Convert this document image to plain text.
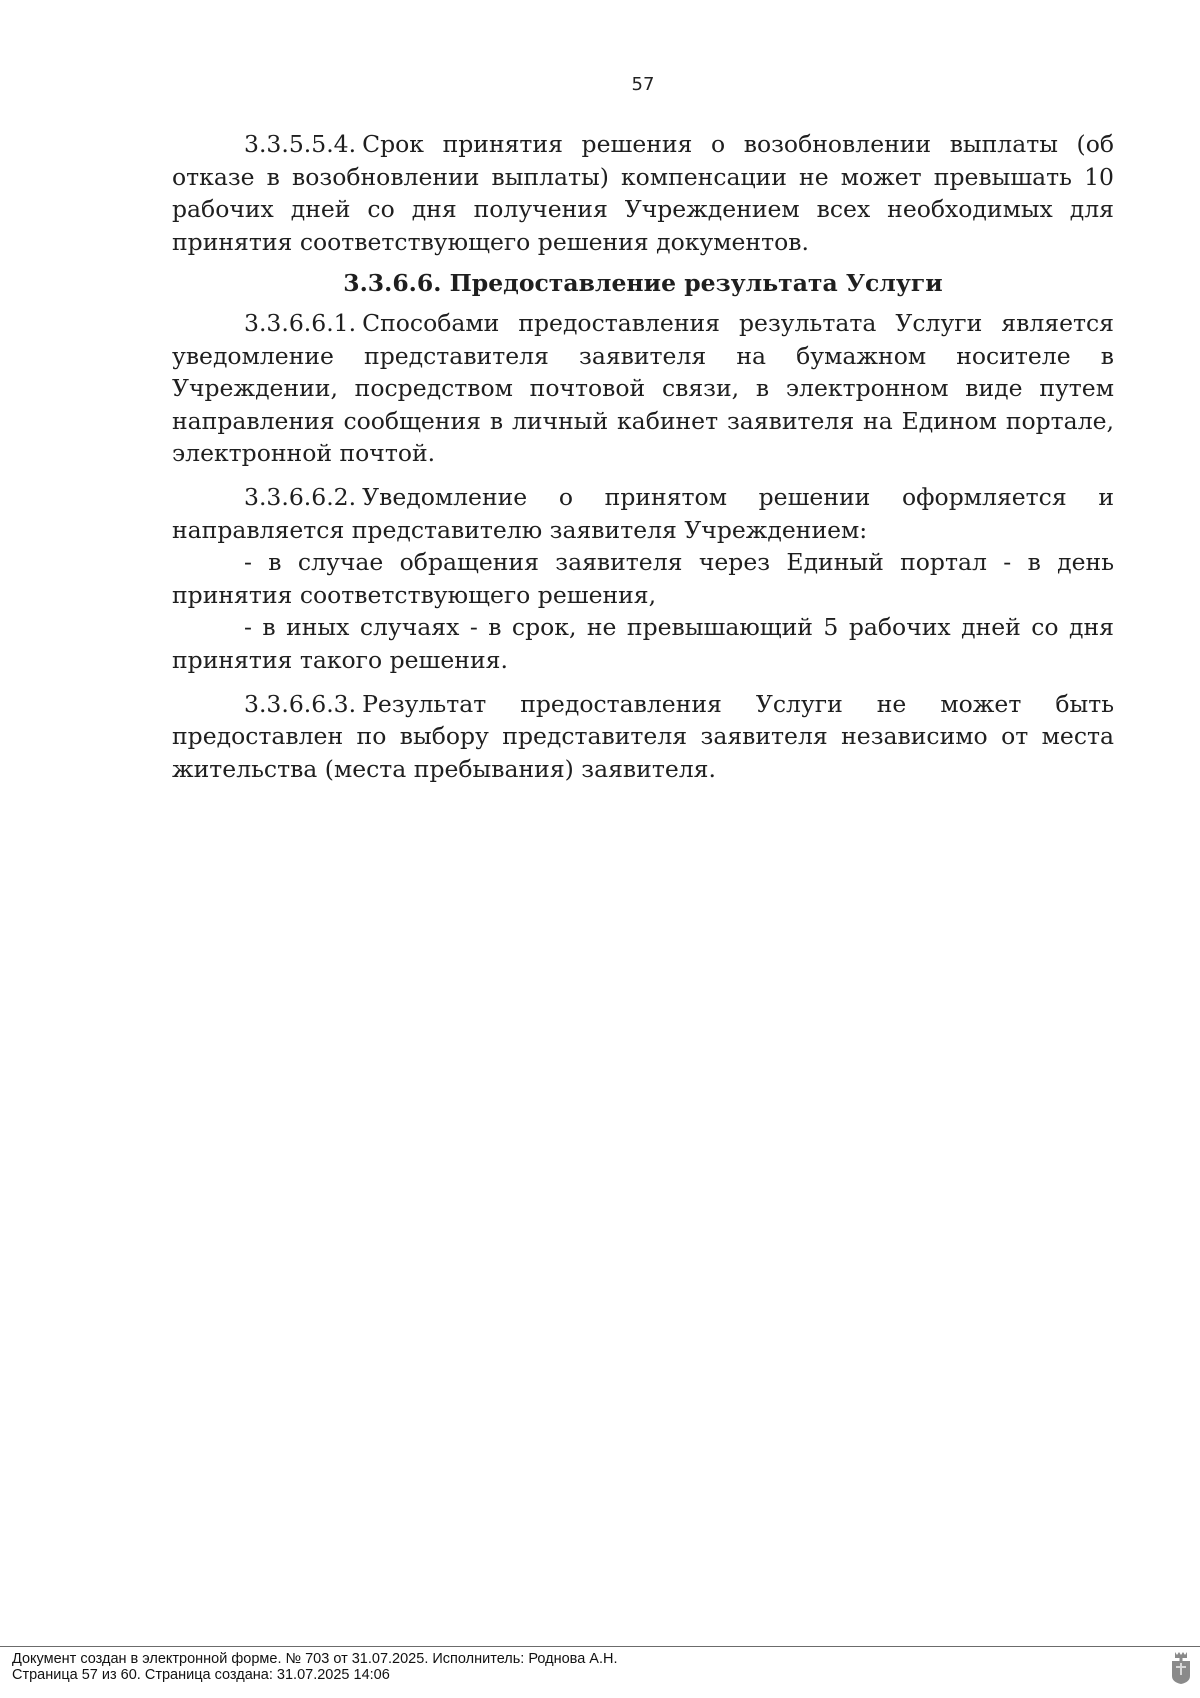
57

3.3.5.5.4. Срок принятия решения о возобновлении выплаты (об отказе в возобновлении выплаты) компенсации не может превышать 10 рабочих дней со дня получения Учреждением всех необходимых для принятия соответствующего решения документов.

3.3.6.6. Предоставление результата Услуги

3.3.6.6.1. Способами предоставления результата Услуги является уведомление представителя заявителя на бумажном носителе в Учреждении, посредством почтовой связи, в электронном виде путем направления сообщения в личный кабинет заявителя на Едином портале, электронной почтой.

3.3.6.6.2. Уведомление о принятом решении оформляется и направляется представителю заявителя Учреждением:

- в случае обращения заявителя через Единый портал - в день принятия соответствующего решения,

- в иных случаях - в срок, не превышающий 5 рабочих дней со дня принятия такого решения.

3.3.6.6.3. Результат предоставления Услуги не может быть предоставлен по выбору представителя заявителя независимо от места жительства (места пребывания) заявителя.

Документ создан в электронной форме. № 703 от 31.07.2025. Исполнитель: Роднова А.Н.
Страница 57 из 60. Страница создана: 31.07.2025 14:06
